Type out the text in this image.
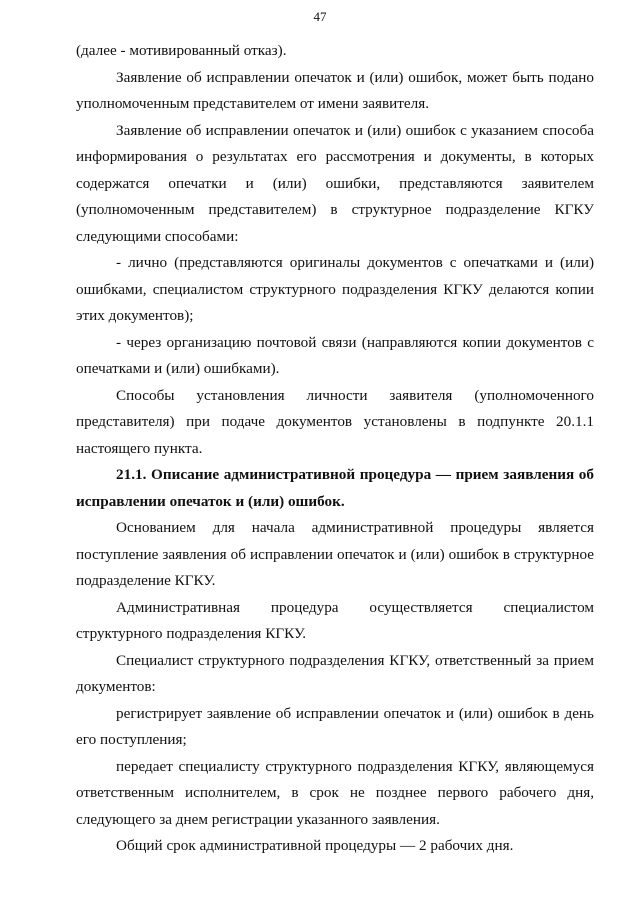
47

(далее - мотивированный отказ).

Заявление об исправлении опечаток и (или) ошибок, может быть подано уполномоченным представителем от имени заявителя.

Заявление об исправлении опечаток и (или) ошибок с указанием способа информирования о результатах его рассмотрения и документы, в которых содержатся опечатки и (или) ошибки, представляются заявителем (уполномоченным представителем) в структурное подразделение КГКУ следующими способами:

- лично (представляются оригиналы документов с опечатками и (или) ошибками, специалистом структурного подразделения КГКУ делаются копии этих документов);

- через организацию почтовой связи (направляются копии документов с опечатками и (или) ошибками).

Способы установления личности заявителя (уполномоченного представителя) при подаче документов установлены в подпункте 20.1.1 настоящего пункта.

21.1. Описание административной процедура — прием заявления об исправлении опечаток и (или) ошибок.

Основанием для начала административной процедуры является поступление заявления об исправлении опечаток и (или) ошибок в структурное подразделение КГКУ.

Административная процедура осуществляется специалистом структурного подразделения КГКУ.

Специалист структурного подразделения КГКУ, ответственный за прием документов:

регистрирует заявление об исправлении опечаток и (или) ошибок в день его поступления;

передает специалисту структурного подразделения КГКУ, являющемуся ответственным исполнителем, в срок не позднее первого рабочего дня, следующего за днем регистрации указанного заявления.

Общий срок административной процедуры — 2 рабочих дня.
